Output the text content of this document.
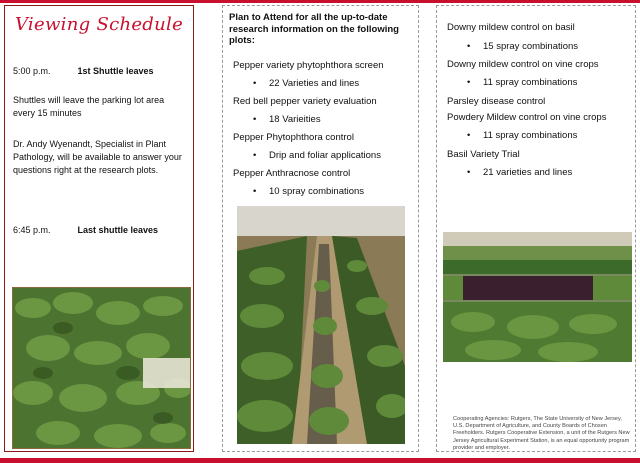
Viewing Schedule
5:00 p.m.	1st Shuttle leaves
Shuttles will leave the parking lot area every 15 minutes
Dr. Andy Wyenandt, Specialist in Plant Pathology, will be available to answer your questions right at the research plots.
6:45 p.m.	Last shuttle leaves
Plan to Attend for all the up-to-date research information on the following plots:
Pepper variety phytophthora screen
• 22 Varieties and lines
Red bell pepper variety evaluation
• 18 Varieities
Pepper Phytophthora control
• Drip and foliar applications
Pepper Anthracnose control
• 10 spray combinations
Downy mildew control on basil
• 15 spray combinations
Downy mildew control on vine crops
• 11 spray combinations
Parsley disease control
Powdery Mildew control on vine crops
• 11 spray combinations
Basil Variety Trial
• 21 varieties and lines
Cooperating Agencies: Rutgers, The State University of New Jersey, U.S. Department of Agriculture, and County Boards of Chosen Freeholders. Rutgers Cooperative Extension, a unit of the Rutgers New Jersey Agricultural Experiment Station, is an equal opportunity program provider and employer.
